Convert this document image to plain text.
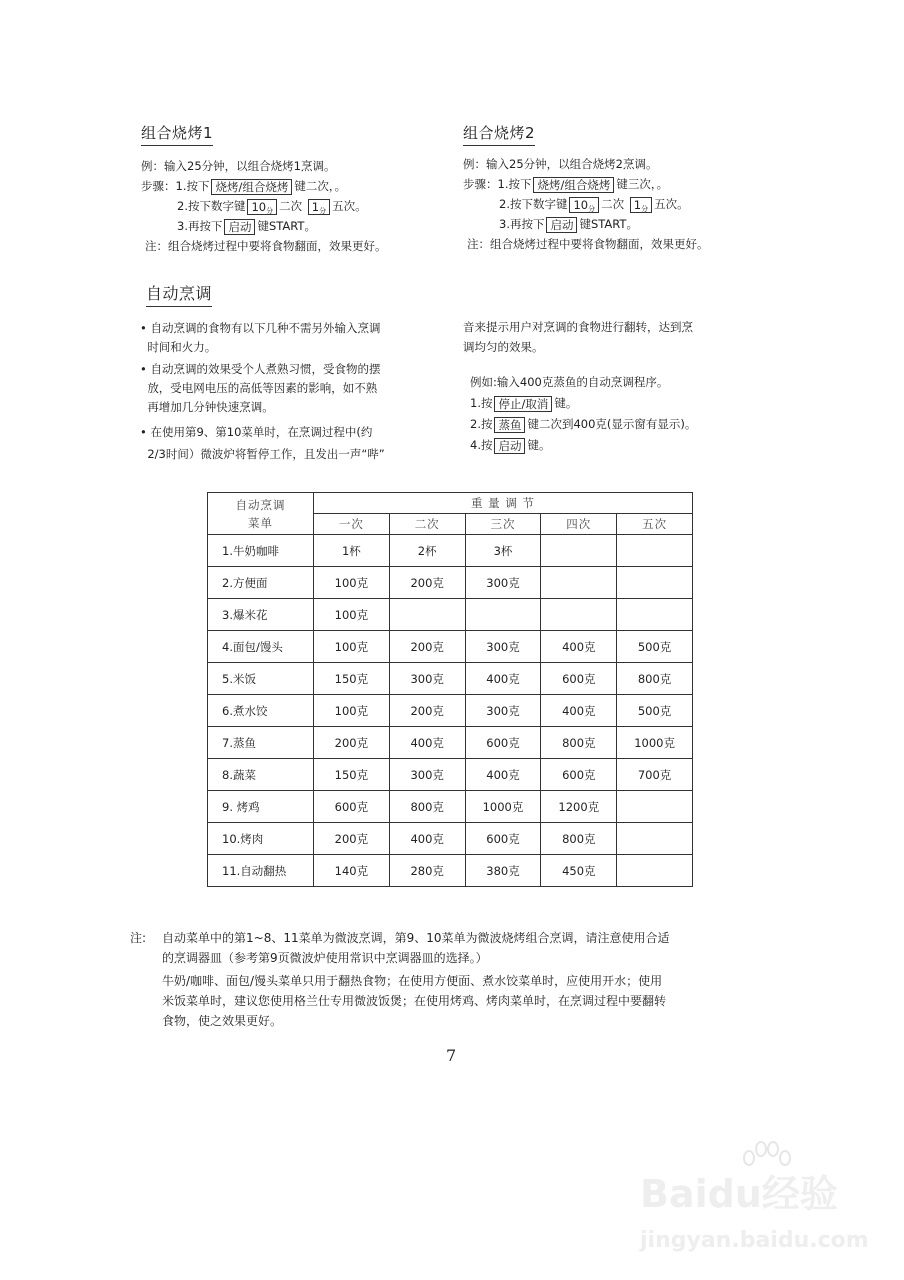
组合烧烤1
例：输入25分钟，以组合烧烤1烹调。
步骤：1.按下 烧烤/组合烧烤 键二次，。
2.按下数字键 $10_分$ 二次 $1_分$ 五次。
3.再按下 启动 键START。
注：组合烧烤过程中要将食物翻面，效果更好。
组合烧烤2
例：输入25分钟，以组合烧烤2烹调。
步骤：1.按下 烧烤/组合烧烤 键三次，。
2.按下数字键 $10_分$ 二次 $1_分$ 五次。
3.再按下 启动 键START。
注：组合烧烤过程中要将食物翻面，效果更好。
自动烹调
• 自动烹调的食物有以下几种不需另外输入烹调
时间和火力。
• 自动烹调的效果受个人煮熟习惯，受食物的摆
放，受电网电压的高低等因素的影响，如不熟
再增加几分钟快速烹调。
• 在使用第9、第10菜单时，在烹调过程中(约
2/3时间）微波炉将暂停工作，且发出一声“哔”
音来提示用户对烹调的食物进行翻转，达到烹
调均匀的效果。
例如:输入400克蒸鱼的自动烹调程序。
1.按 停止/取消 键。
2.按 蒸鱼 键二次到400克(显示窗有显示)。
4.按 启动 键。
自动烹调
菜单	重 量 调 节				
	一次	二次	三次	四次	五次
1.牛奶咖啡	1杯	2杯	3杯		
2.方便面	100克	200克	300克		
3.爆米花	100克				
4.面包/馒头	100克	200克	300克	400克	500克
5.米饭	150克	300克	400克	600克	800克
6.煮水饺	100克	200克	300克	400克	500克
7.蒸鱼	200克	400克	600克	800克	1000克
8.蔬菜	150克	300克	400克	600克	700克
9. 烤鸡	600克	800克	1000克	1200克	
10.烤肉	200克	400克	600克	800克	
11.自动翻热	140克	280克	380克	450克	
注: 自动菜单中的第1~8、11菜单为微波烹调，第9、10菜单为微波烧烤组合烹调，请注意使用合适
的烹调器皿（参考第9页微波炉使用常识中烹调器皿的选择。）
牛奶/咖啡、面包/馒头菜单只用于翻热食物；在使用方便面、煮水饺菜单时，应使用开水；使用
米饭菜单时，建议您使用格兰仕专用微波饭煲；在使用烤鸡、烤肉菜单时，在烹调过程中要翻转
食物，使之效果更好。
7
Baidu经验
jingyan.baidu.com
